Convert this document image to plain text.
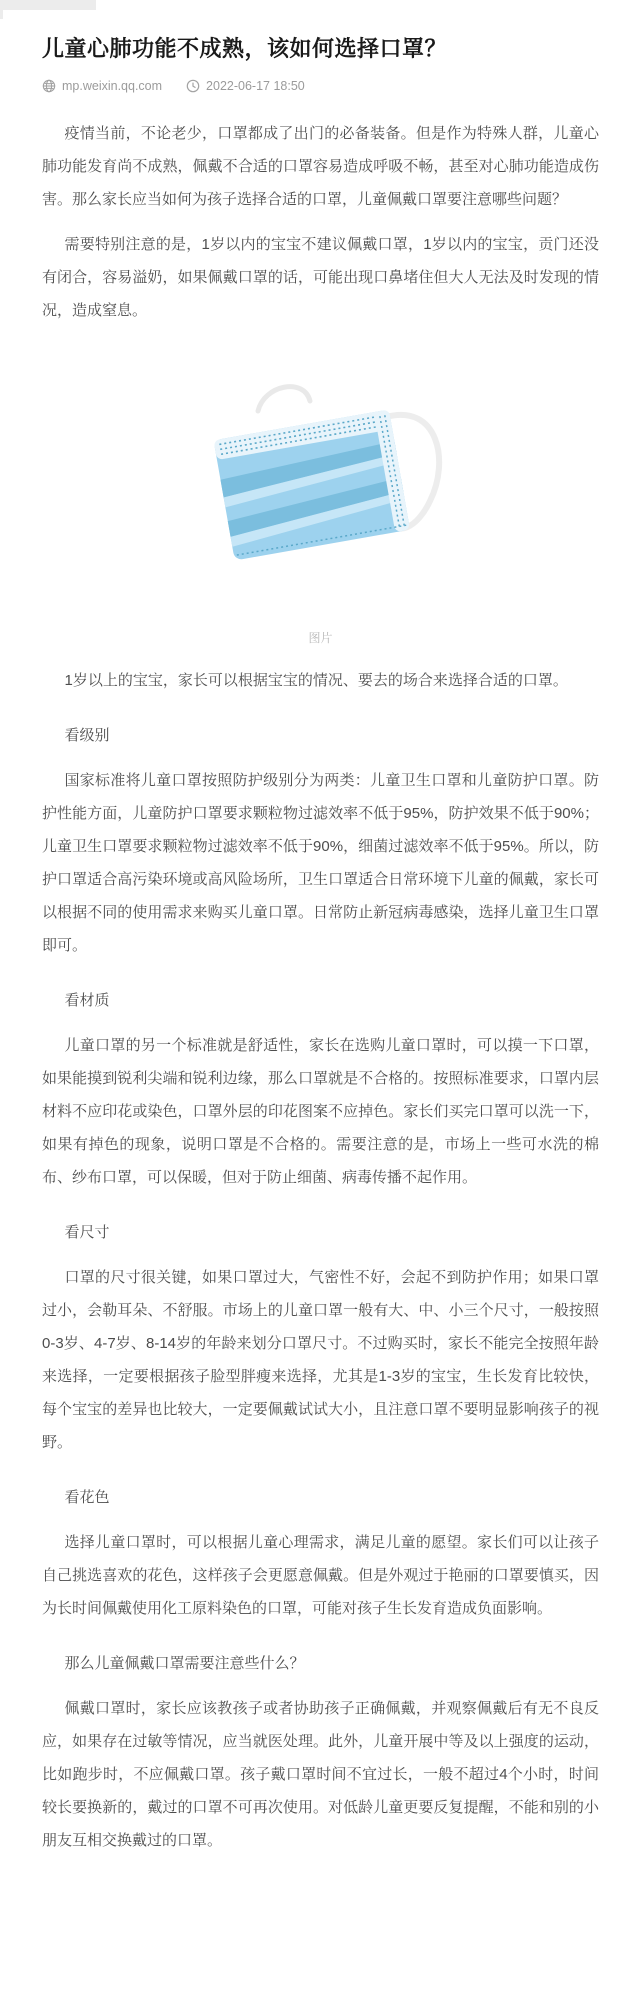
儿童心肺功能不成熟，该如何选择口罩？
mp.weixin.qq.com	2022-06-17 18:50

疫情当前，不论老少，口罩都成了出门的必备装备。但是作为特殊人群，儿童心肺功能发育尚不成熟，佩戴不合适的口罩容易造成呼吸不畅，甚至对心肺功能造成伤害。那么家长应当如何为孩子选择合适的口罩，儿童佩戴口罩要注意哪些问题？

需要特别注意的是，1岁以内的宝宝不建议佩戴口罩，1岁以内的宝宝，贡门还没有闭合，容易溢奶，如果佩戴口罩的话，可能出现口鼻堵住但大人无法及时发现的情况，造成窒息。

图片

1岁以上的宝宝，家长可以根据宝宝的情况、要去的场合来选择合适的口罩。

看级别

国家标准将儿童口罩按照防护级别分为两类：儿童卫生口罩和儿童防护口罩。防护性能方面，儿童防护口罩要求颗粒物过滤效率不低于95%，防护效果不低于90%；儿童卫生口罩要求颗粒物过滤效率不低于90%，细菌过滤效率不低于95%。所以，防护口罩适合高污染环境或高风险场所，卫生口罩适合日常环境下儿童的佩戴，家长可以根据不同的使用需求来购买儿童口罩。日常防止新冠病毒感染，选择儿童卫生口罩即可。

看材质

儿童口罩的另一个标准就是舒适性，家长在选购儿童口罩时，可以摸一下口罩，如果能摸到锐利尖端和锐利边缘，那么口罩就是不合格的。按照标准要求，口罩内层材料不应印花或染色，口罩外层的印花图案不应掉色。家长们买完口罩可以洗一下，如果有掉色的现象，说明口罩是不合格的。需要注意的是，市场上一些可水洗的棉布、纱布口罩，可以保暖，但对于防止细菌、病毒传播不起作用。

看尺寸

口罩的尺寸很关键，如果口罩过大，气密性不好，会起不到防护作用；如果口罩过小，会勒耳朵、不舒服。市场上的儿童口罩一般有大、中、小三个尺寸，一般按照0-3岁、4-7岁、8-14岁的年龄来划分口罩尺寸。不过购买时，家长不能完全按照年龄来选择，一定要根据孩子脸型胖瘦来选择，尤其是1-3岁的宝宝，生长发育比较快，每个宝宝的差异也比较大，一定要佩戴试试大小，且注意口罩不要明显影响孩子的视野。

看花色

选择儿童口罩时，可以根据儿童心理需求，满足儿童的愿望。家长们可以让孩子自己挑选喜欢的花色，这样孩子会更愿意佩戴。但是外观过于艳丽的口罩要慎买，因为长时间佩戴使用化工原料染色的口罩，可能对孩子生长发育造成负面影响。

那么儿童佩戴口罩需要注意些什么？

佩戴口罩时，家长应该教孩子或者协助孩子正确佩戴，并观察佩戴后有无不良反应，如果存在过敏等情况，应当就医处理。此外，儿童开展中等及以上强度的运动，比如跑步时，不应佩戴口罩。孩子戴口罩时间不宜过长，一般不超过4个小时，时间较长要换新的，戴过的口罩不可再次使用。对低龄儿童更要反复提醒，不能和别的小朋友互相交换戴过的口罩。
